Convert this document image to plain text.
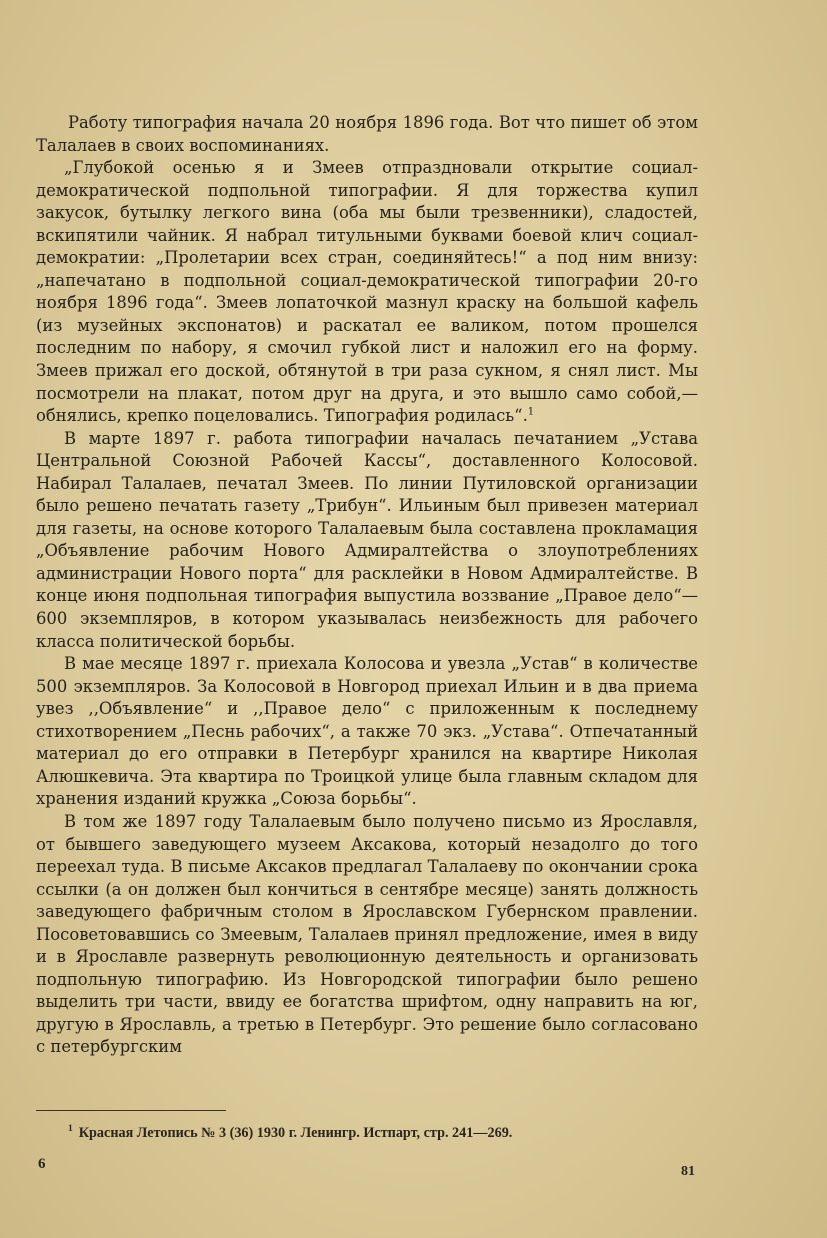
Работу типография начала 20 ноября 1896 года. Вот что пишет об этом Талалаев в своих воспоминаниях.

„Глубокой осенью я и Змеев отпраздновали открытие социал-демократической подпольной типографии. Я для торжества купил закусок, бутылку легкого вина (оба мы были трезвенники), сладостей, вскипятили чайник. Я набрал титульными буквами боевой клич социал-демократии: „Пролетарии всех стран, соединяйтесь!“ а под ним внизу: „напечатано в подпольной социал-демократической типографии 20-го ноября 1896 года“. Змеев лопаточкой мазнул краску на большой кафель (из музейных экспонатов) и раскатал ее валиком, потом прошелся последним по набору, я смочил губкой лист и наложил его на форму. Змеев прижал его доской, обтянутой в три раза сукном, я снял лист. Мы посмотрели на плакат, потом друг на друга, и это вышло само собой,—обнялись, крепко поцеловались. Типография родилась“.$^1$

В марте 1897 г. работа типографии началась печатанием „Устава Центральной Союзной Рабочей Кассы“, доставленного Колосовой. Набирал Талалаев, печатал Змеев. По линии Путиловской организации было решено печатать газету „Трибун“. Ильиным был привезен материал для газеты, на основе которого Талалаевым была составлена прокламация „Объявление рабочим Нового Адмиралтейства о злоупотреблениях администрации Нового порта“ для расклейки в Новом Адмиралтействе. В конце июня подпольная типография выпустила воззвание „Правое дело“— 600 экземпляров, в котором указывалась неизбежность для рабочего класса политической борьбы.

В мае месяце 1897 г. приехала Колосова и увезла „Устав“ в количестве 500 экземпляров. За Колосовой в Новгород приехал Ильин и в два приема увез ,,Объявление“ и ,,Правое дело“ с приложенным к последнему стихотворением „Песнь рабочих“, а также 70 экз. „Устава“. Отпечатанный материал до его отправки в Петербург хранился на квартире Николая Алюшкевича. Эта квартира по Троицкой улице была главным складом для хранения изданий кружка „Союза борьбы“.

В том же 1897 году Талалаевым было получено письмо из Ярославля, от бывшего заведующего музеем Аксакова, который незадолго до того переехал туда. В письме Аксаков предлагал Талалаеву по окончании срока ссылки (а он должен был кончиться в сентябре месяце) занять должность заведующего фабричным столом в Ярославском Губернском правлении. Посоветовавшись со Змеевым, Талалаев принял предложение, имея в виду и в Ярославле развернуть революционную деятельность и организовать подпольную типографию. Из Новгородской типографии было решено выделить три части, ввиду ее богатства шрифтом, одну направить на юг, другую в Ярославль, а третью в Петербург. Это решение было согласовано с петербургским

$^1$ Красная Летопись № 3 (36) 1930 г. Ленингр. Истпарт, стр. 241—269.
6	81
